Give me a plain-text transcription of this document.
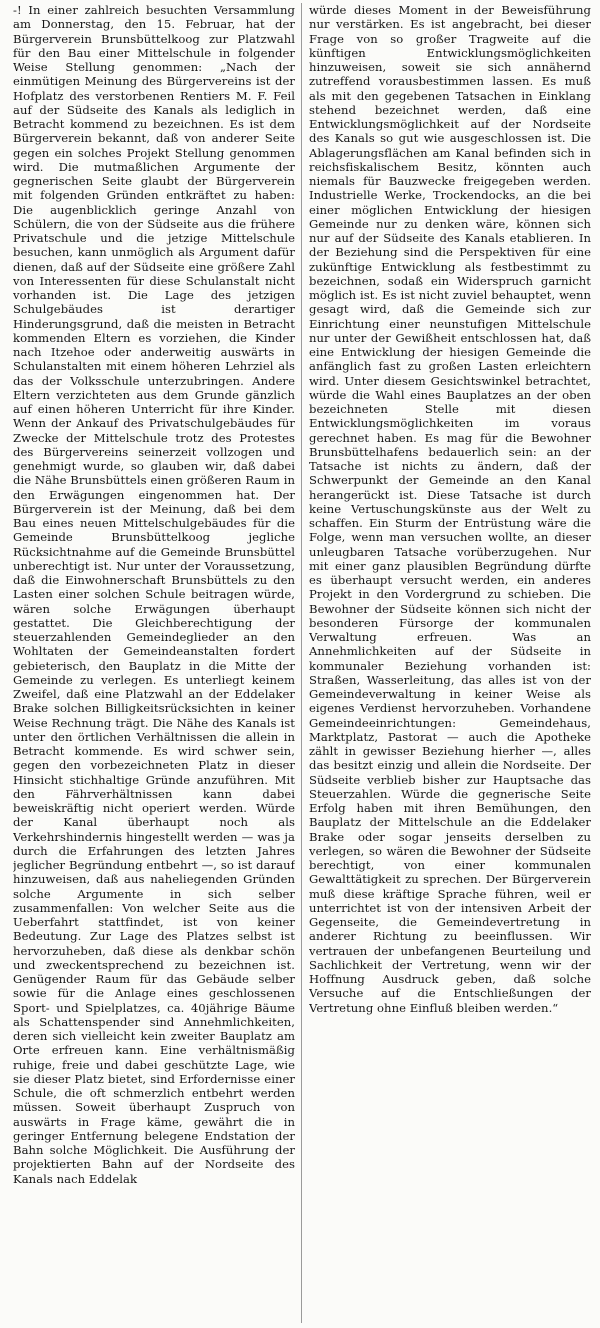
-! In einer zahlreich besuchten Versammlung am Donnerstag, den 15. Februar, hat der Bürgerverein Brunsbüttelkoog zur Platzwahl für den Bau einer Mittelschule in folgender Weise Stellung genommen: „Nach der einmütigen Meinung des Bürgervereins ist der Hofplatz des verstorbenen Rentiers M. F. Feil auf der Südseite des Kanals als lediglich in Betracht kommend zu bezeichnen. Es ist dem Bürgerverein bekannt, daß von anderer Seite gegen ein solches Projekt Stellung genommen wird. Die mutmaßlichen Argumente der gegnerischen Seite glaubt der Bürgerverein mit folgenden Gründen entkräftet zu haben: Die augenblicklich geringe Anzahl von Schülern, die von der Südseite aus die frühere Privatschule und die jetzige Mittelschule besuchen, kann unmöglich als Argument dafür dienen, daß auf der Südseite eine größere Zahl von Interessenten für diese Schulanstalt nicht vorhanden ist. Die Lage des jetzigen Schulgebäudes ist derartiger Hinderungsgrund, daß die meisten in Betracht kommenden Eltern es vorziehen, die Kinder nach Itzehoe oder anderweitig auswärts in Schulanstalten mit einem höheren Lehrziel als das der Volksschule unterzubringen. Andere Eltern verzichteten aus dem Grunde gänzlich auf einen höheren Unterricht für ihre Kinder. Wenn der Ankauf des Privatschulgebäudes für Zwecke der Mittelschule trotz des Protestes des Bürgervereins seinerzeit vollzogen und genehmigt wurde, so glauben wir, daß dabei die Nähe Brunsbüttels einen größeren Raum in den Erwägungen eingenommen hat. Der Bürgerverein ist der Meinung, daß bei dem Bau eines neuen Mittelschulgebäudes für die Gemeinde Brunsbüttelkoog jegliche Rücksichtnahme auf die Gemeinde Brunsbüttel unberechtigt ist. Nur unter der Voraussetzung, daß die Einwohnerschaft Brunsbüttels zu den Lasten einer solchen Schule beitragen würde, wären solche Erwägungen überhaupt gestattet. Die Gleichberechtigung der steuerzahlenden Gemeindeglieder an den Wohltaten der Gemeindeanstalten fordert gebieterisch, den Bauplatz in die Mitte der Gemeinde zu verlegen. Es unterliegt keinem Zweifel, daß eine Platzwahl an der Eddelaker Brake solchen Billigkeitsrücksichten in keiner Weise Rechnung trägt. Die Nähe des Kanals ist unter den örtlichen Verhältnissen die allein in Betracht kommende. Es wird schwer sein, gegen den vorbezeichneten Platz in dieser Hinsicht stichhaltige Gründe anzuführen. Mit den Fährverhältnissen kann dabei beweiskräftig nicht operiert werden. Würde der Kanal überhaupt noch als Verkehrshindernis hingestellt werden — was ja durch die Erfahrungen des letzten Jahres jeglicher Begründung entbehrt —, so ist darauf hinzuweisen, daß aus naheliegenden Gründen solche Argumente in sich selber zusammenfallen: Von welcher Seite aus die Ueberfahrt stattfindet, ist von keiner Bedeutung. Zur Lage des Platzes selbst ist hervorzuheben, daß diese als denkbar schön und zweckentsprechend zu bezeichnen ist. Genügender Raum für das Gebäude selber sowie für die Anlage eines geschlossenen Sport- und Spielplatzes, ca. 40jährige Bäume als Schattenspender sind Annehmlichkeiten, deren sich vielleicht kein zweiter Bauplatz am Orte erfreuen kann. Eine verhältnismäßig ruhige, freie und dabei geschützte Lage, wie sie dieser Platz bietet, sind Erfordernisse einer Schule, die oft schmerzlich entbehrt werden müssen. Soweit überhaupt Zuspruch von auswärts in Frage käme, gewährt die in geringer Entfernung belegene Endstation der Bahn solche Möglichkeit. Die Ausführung der projektierten Bahn auf der Nordseite des Kanals nach Eddelak

würde dieses Moment in der Beweisführung nur verstärken. Es ist angebracht, bei dieser Frage von so großer Tragweite auf die künftigen Entwicklungsmöglichkeiten hinzuweisen, soweit sie sich annähernd zutreffend vorausbestimmen lassen. Es muß als mit den gegebenen Tatsachen in Einklang stehend bezeichnet werden, daß eine Entwicklungsmöglichkeit auf der Nordseite des Kanals so gut wie ausgeschlossen ist. Die Ablagerungsflächen am Kanal befinden sich in reichsfiskalischem Besitz, könnten auch niemals für Bauzwecke freigegeben werden. Industrielle Werke, Trockendocks, an die bei einer möglichen Entwicklung der hiesigen Gemeinde nur zu denken wäre, können sich nur auf der Südseite des Kanals etablieren. In der Beziehung sind die Perspektiven für eine zukünftige Entwicklung als festbestimmt zu bezeichnen, sodaß ein Widerspruch garnicht möglich ist. Es ist nicht zuviel behauptet, wenn gesagt wird, daß die Gemeinde sich zur Einrichtung einer neunstufigen Mittelschule nur unter der Gewißheit entschlossen hat, daß eine Entwicklung der hiesigen Gemeinde die anfänglich fast zu großen Lasten erleichtern wird. Unter diesem Gesichtswinkel betrachtet, würde die Wahl eines Bauplatzes an der oben bezeichneten Stelle mit diesen Entwicklungsmöglichkeiten im voraus gerechnet haben. Es mag für die Bewohner Brunsbüttelhafens bedauerlich sein: an der Tatsache ist nichts zu ändern, daß der Schwerpunkt der Gemeinde an den Kanal herangerückt ist. Diese Tatsache ist durch keine Vertuschungskünste aus der Welt zu schaffen. Ein Sturm der Entrüstung wäre die Folge, wenn man versuchen wollte, an dieser unleugbaren Tatsache vorüberzugehen. Nur mit einer ganz plausiblen Begründung dürfte es überhaupt versucht werden, ein anderes Projekt in den Vordergrund zu schieben. Die Bewohner der Südseite können sich nicht der besonderen Fürsorge der kommunalen Verwaltung erfreuen. Was an Annehmlichkeiten auf der Südseite in kommunaler Beziehung vorhanden ist: Straßen, Wasserleitung, das alles ist von der Gemeindeverwaltung in keiner Weise als eigenes Verdienst hervorzuheben. Vorhandene Gemeindeeinrichtungen: Gemeindehaus, Marktplatz, Pastorat — auch die Apotheke zählt in gewisser Beziehung hierher —, alles das besitzt einzig und allein die Nordseite. Der Südseite verblieb bisher zur Hauptsache das Steuerzahlen. Würde die gegnerische Seite Erfolg haben mit ihren Bemühungen, den Bauplatz der Mittelschule an die Eddelaker Brake oder sogar jenseits derselben zu verlegen, so wären die Bewohner der Südseite berechtigt, von einer kommunalen Gewalttätigkeit zu sprechen. Der Bürgerverein muß diese kräftige Sprache führen, weil er unterrichtet ist von der intensiven Arbeit der Gegenseite, die Gemeindevertretung in anderer Richtung zu beeinflussen. Wir vertrauen der unbefangenen Beurteilung und Sachlichkeit der Vertretung, wenn wir der Hoffnung Ausdruck geben, daß solche Versuche auf die Entschließungen der Vertretung ohne Einfluß bleiben werden.“
